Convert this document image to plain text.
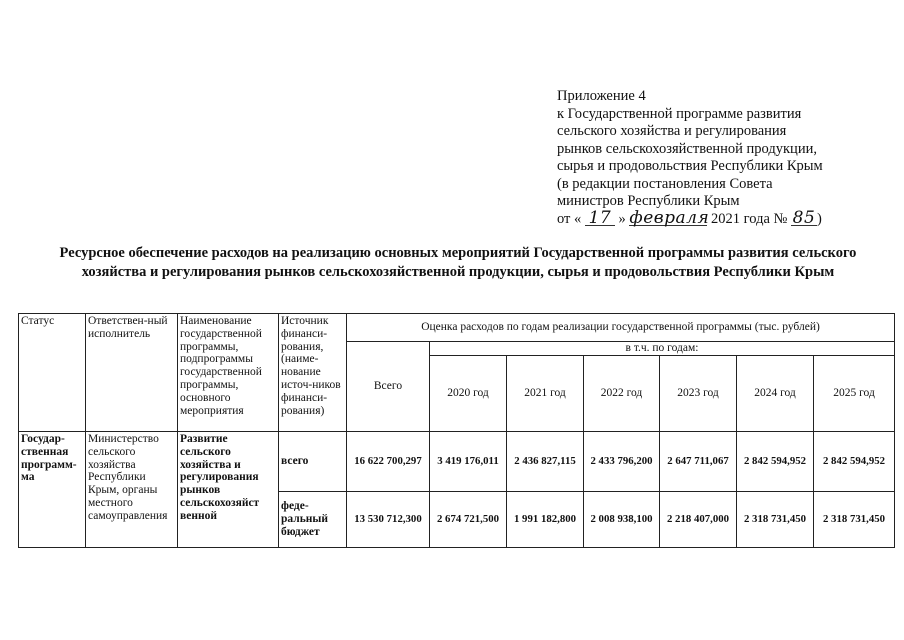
Приложение 4
к Государственной программе развития
сельского хозяйства и регулирования
рынков сельскохозяйственной продукции,
сырья и продовольствия Республики Крым
(в редакции постановления Совета
министров Республики Крым
от « 17 » февраля 2021 года № 85 )
Ресурсное обеспечение расходов на реализацию основных мероприятий Государственной программы развития сельского хозяйства и регулирования рынков сельскохозяйственной продукции, сырья и продовольствия Республики Крым
Статус	Ответствен-ный исполнитель	Наименование государственной программы, подпрограммы государственной программы, основного мероприятия	Источник финанси-рования, (наиме-нование источ-ников финанси-рования)	Оценка расходов по годам реализации государственной программы (тыс. рублей)						
				Всего	в т.ч. по годам:					
					2020 год	2021 год	2022 год	2023 год	2024 год	2025 год
Государ-ственная программ-ма	Министерство сельского хозяйства Республики Крым, органы местного самоуправления	Развитие сельского хозяйства и регулирования рынков сельскохозяйст венной	всего	16 622 700,297	3 419 176,011	2 436 827,115	2 433 796,200	2 647 711,067	2 842 594,952	2 842 594,952
			феде-ральный бюджет	13 530 712,300	2 674 721,500	1 991 182,800	2 008 938,100	2 218 407,000	2 318 731,450	2 318 731,450
